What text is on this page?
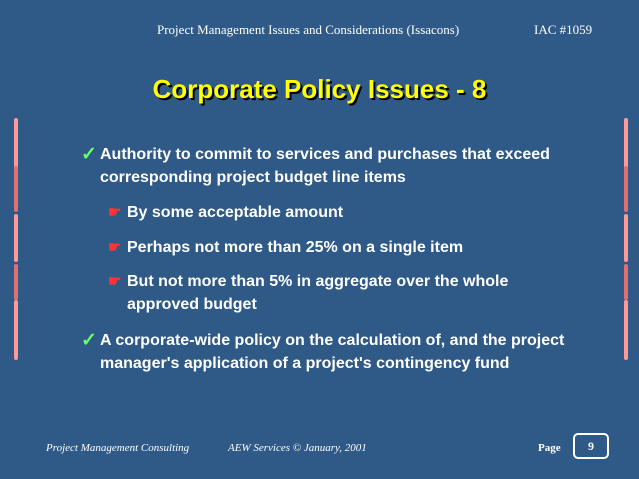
Project Management Issues and Considerations (Issacons)	IAC #1059
Corporate Policy Issues - 8
✓ Authority to commit to services and purchases that exceed corresponding project budget line items
☛ By some acceptable amount
☛ Perhaps not more than 25% on a single item
☛ But not more than 5% in aggregate over the whole approved budget
✓ A corporate-wide policy on the calculation of, and the project manager's application of a project's contingency fund
Project Management Consulting	AEW Services © January, 2001	Page	9
